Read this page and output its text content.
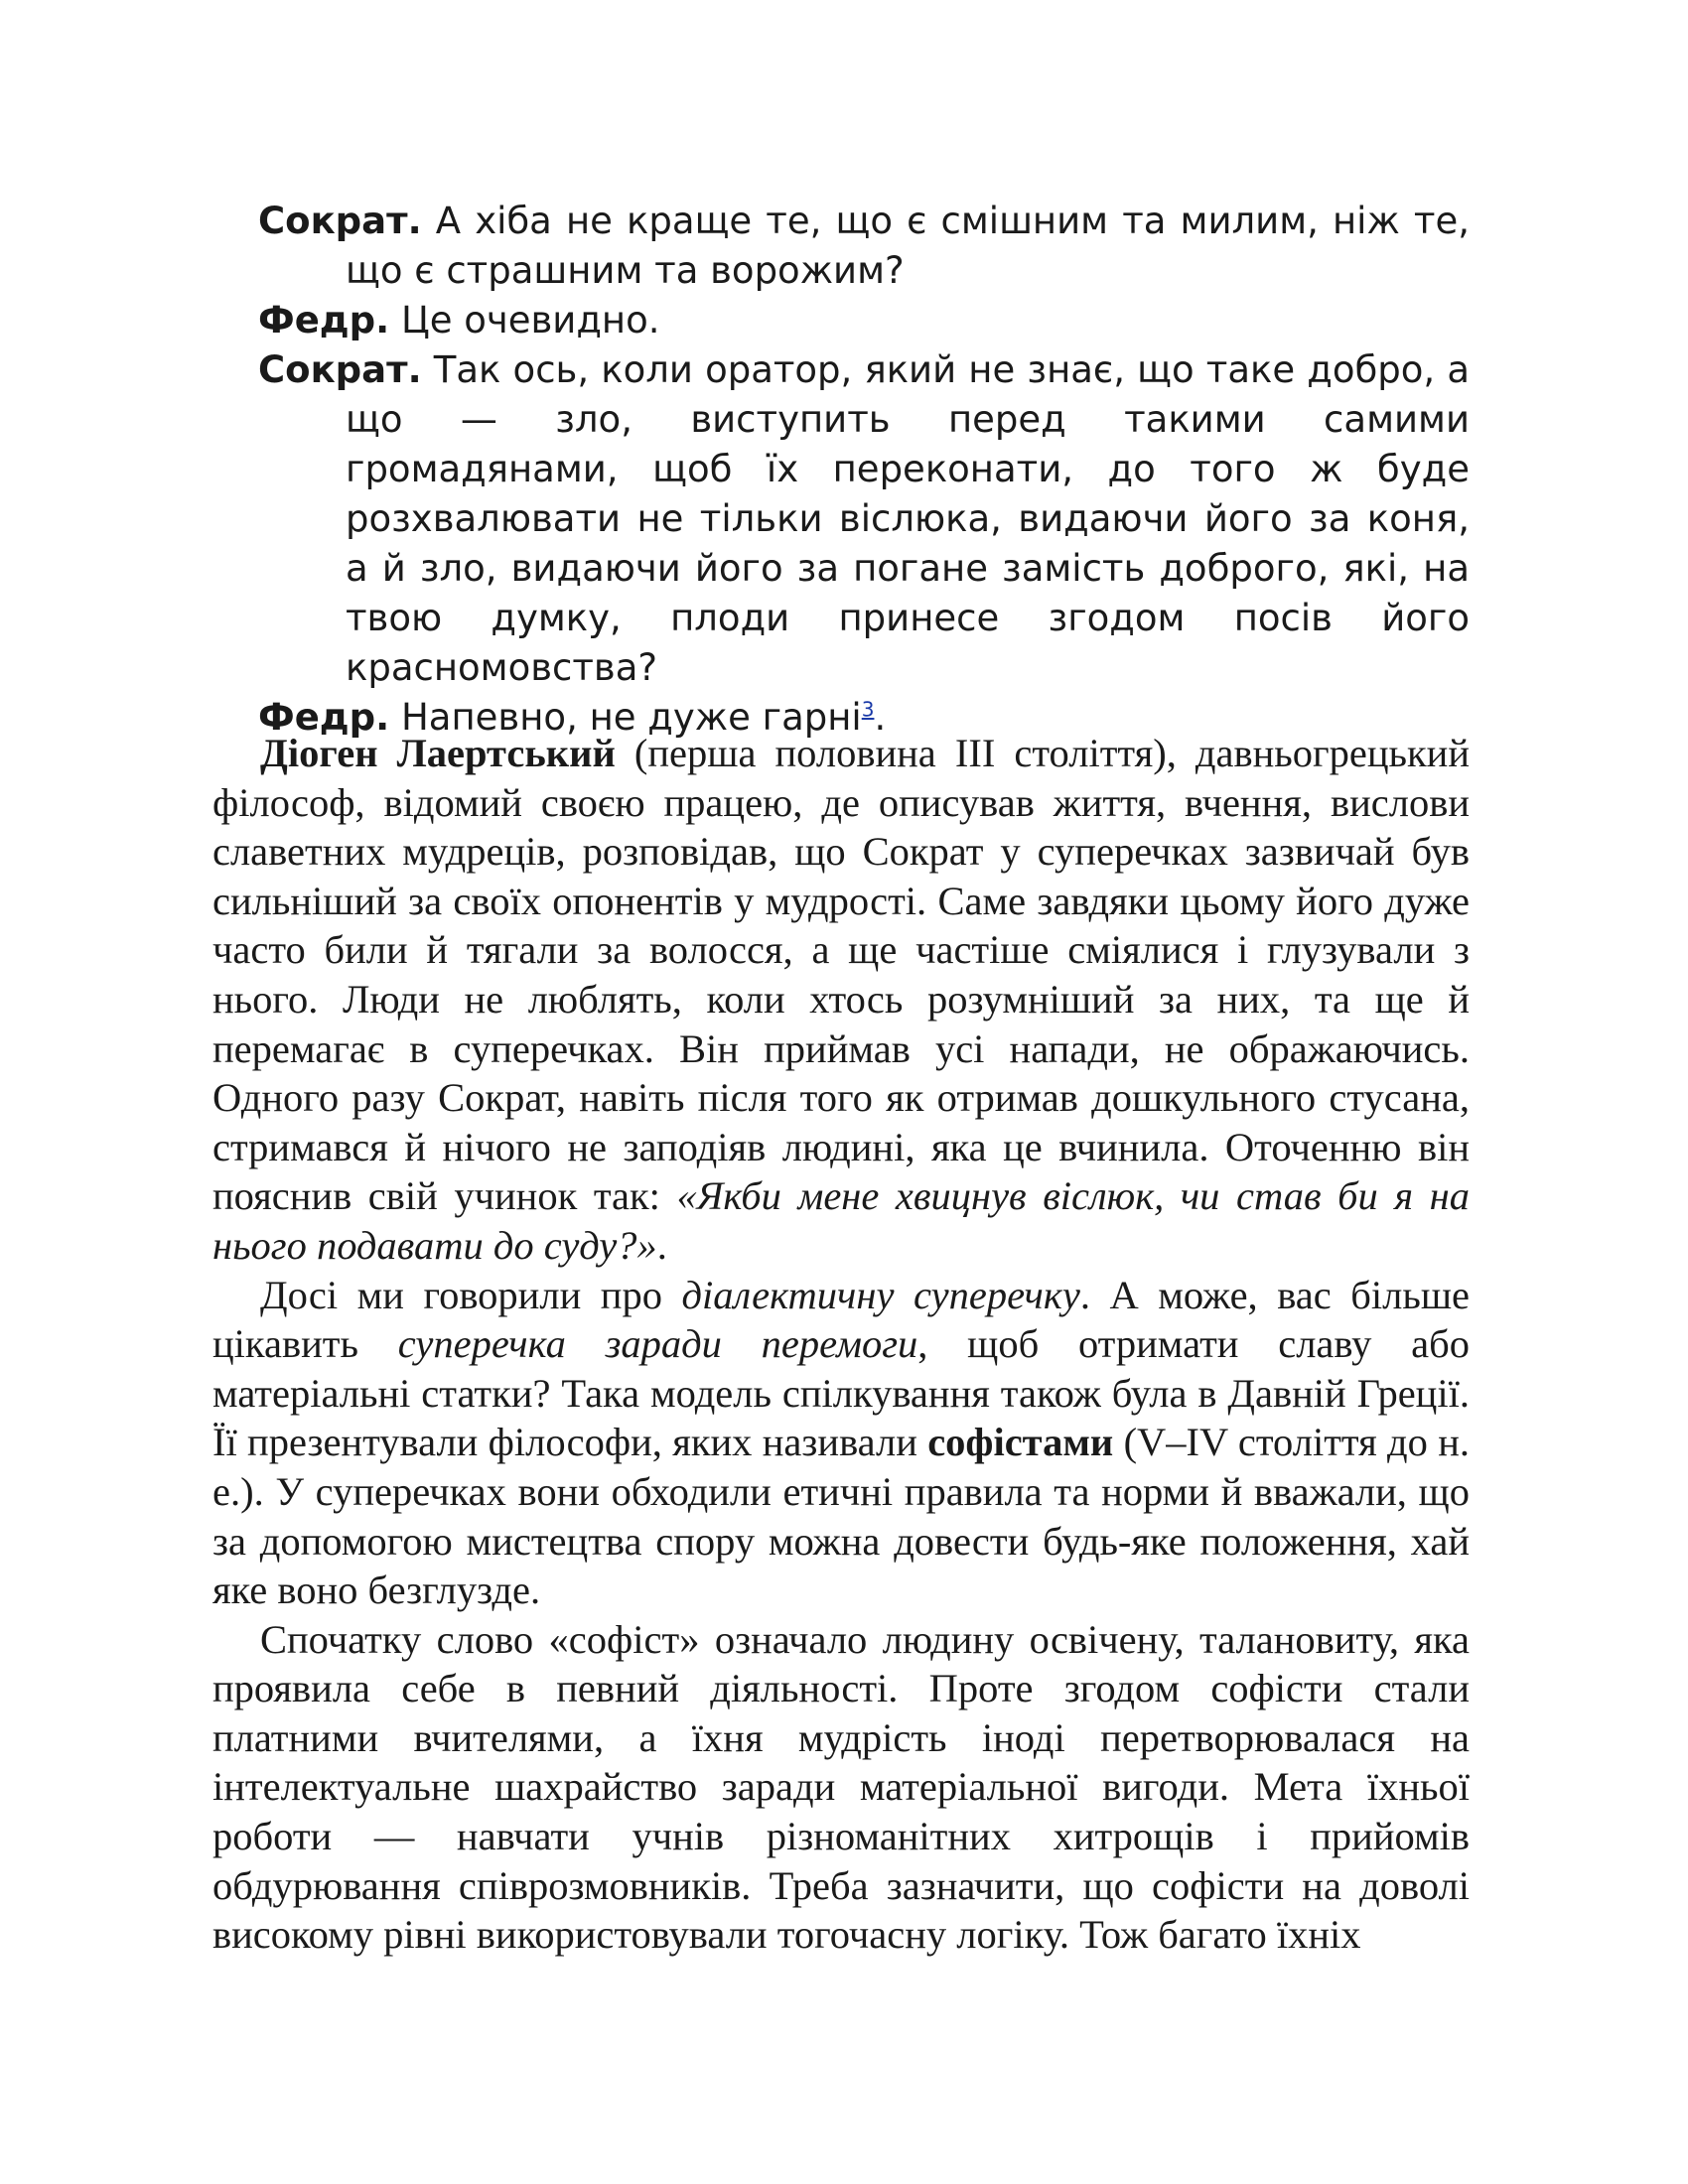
Сократ. А хіба не краще те, що є смішним та милим, ніж те, що є страшним та ворожим?

Федр. Це очевидно.

Сократ. Так ось, коли оратор, який не знає, що таке добро, а що — зло, виступить перед такими самими громадянами, щоб їх переконати, до того ж буде розхвалювати не тільки віслюка, видаючи його за коня, а й зло, видаючи його за погане замість доброго, які, на твою думку, плоди принесе згодом посів його красномовства?

Федр. Напевно, не дуже гарні$^3$.

Діоген Лаертський (перша половина ІІІ століття), давньогрецький філософ, відомий своєю працею, де описував життя, вчення, вислови славетних мудреців, розповідав, що Сократ у суперечках зазвичай був сильніший за своїх опонентів у мудрості. Саме завдяки цьому його дуже часто били й тягали за волосся, а ще частіше сміялися і глузували з нього. Люди не люблять, коли хтось розумніший за них, та ще й перемагає в суперечках. Він приймав усі напади, не ображаючись. Одного разу Сократ, навіть після того як отримав дошкульного стусана, стримався й нічого не заподіяв людині, яка це вчинила. Оточенню він пояснив свій учинок так: «Якби мене хвицнув віслюк, чи став би я на нього подавати до суду?».

Досі ми говорили про діалектичну суперечку. А може, вас більше цікавить суперечка заради перемоги, щоб отримати славу або матеріальні статки? Така модель спілкування також була в Давній Греції. Її презентували філософи, яких називали софістами (V–IV століття до н. е.). У суперечках вони обходили етичні правила та норми й вважали, що за допомогою мистецтва спору можна довести будь-яке положення, хай яке воно безглузде.

Спочатку слово «софіст» означало людину освічену, талановиту, яка проявила себе в певний діяльності. Проте згодом софісти стали платними вчителями, а їхня мудрість іноді перетворювалася на інтелектуальне шахрайство заради матеріальної вигоди. Мета їхньої роботи — навчати учнів різноманітних хитрощів і прийомів обдурювання співрозмовників. Треба зазначити, що софісти на доволі високому рівні використовували тогочасну логіку. Тож багато їхніх
